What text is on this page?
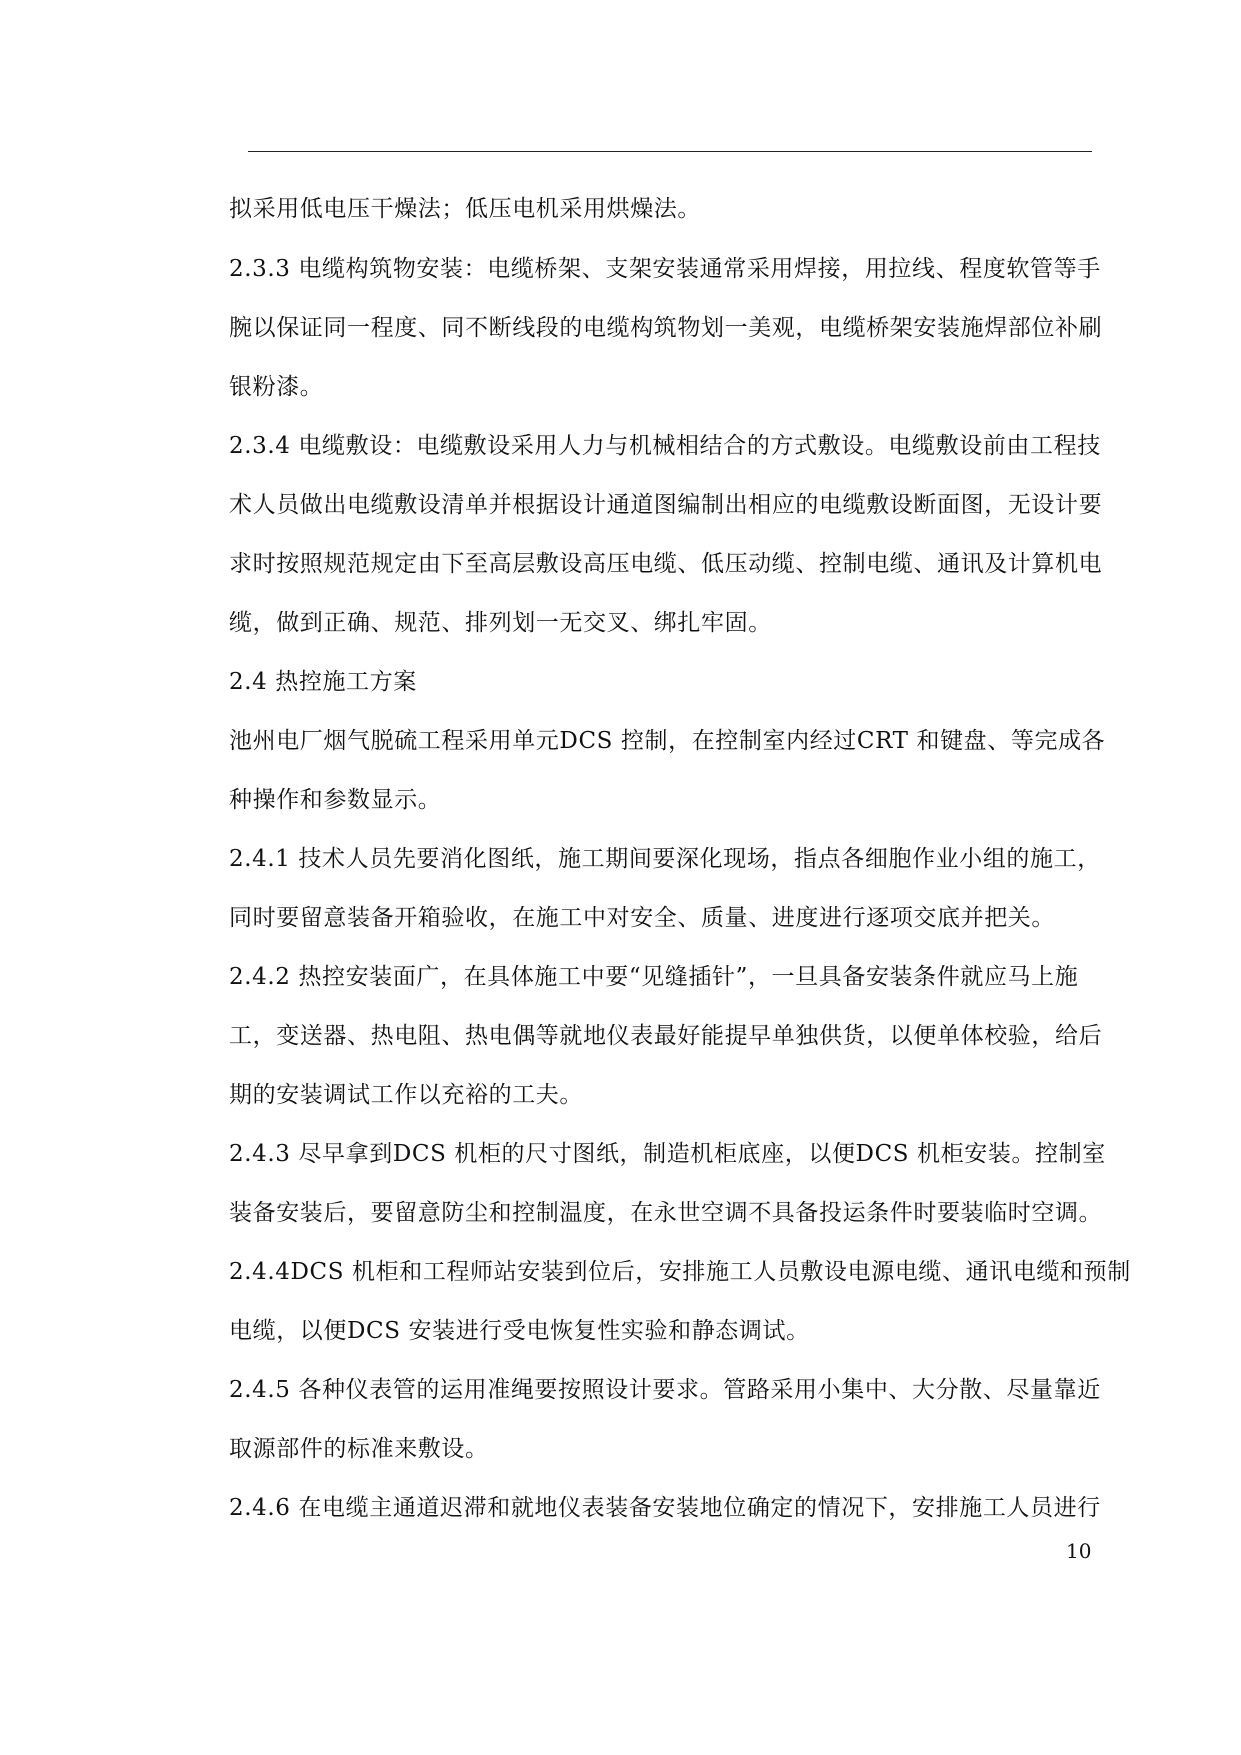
拟采用低电压干燥法；低压电机采用烘燥法。
2.3.3 电缆构筑物安装：电缆桥架、支架安装通常采用焊接，用拉线、程度软管等手
腕以保证同一程度、同不断线段的电缆构筑物划一美观，电缆桥架安装施焊部位补刷
银粉漆。
2.3.4 电缆敷设：电缆敷设采用人力与机械相结合的方式敷设。电缆敷设前由工程技
术人员做出电缆敷设清单并根据设计通道图编制出相应的电缆敷设断面图，无设计要
求时按照规范规定由下至高层敷设高压电缆、低压动缆、控制电缆、通讯及计算机电
缆，做到正确、规范、排列划一无交叉、绑扎牢固。
2.4 热控施工方案
池州电厂烟气脱硫工程采用单元DCS 控制，在控制室内经过CRT 和键盘、等完成各
种操作和参数显示。
2.4.1 技术人员先要消化图纸，施工期间要深化现场，指点各细胞作业小组的施工，
同时要留意装备开箱验收，在施工中对安全、质量、进度进行逐项交底并把关。
2.4.2 热控安装面广，在具体施工中要“见缝插针”，一旦具备安装条件就应马上施
工，变送器、热电阻、热电偶等就地仪表最好能提早单独供货，以便单体校验，给后
期的安装调试工作以充裕的工夫。
2.4.3 尽早拿到DCS 机柜的尺寸图纸，制造机柜底座，以便DCS 机柜安装。控制室
装备安装后，要留意防尘和控制温度，在永世空调不具备投运条件时要装临时空调。
2.4.4DCS 机柜和工程师站安装到位后，安排施工人员敷设电源电缆、通讯电缆和预制
电缆，以便DCS 安装进行受电恢复性实验和静态调试。
2.4.5 各种仪表管的运用准绳要按照设计要求。管路采用小集中、大分散、尽量靠近
取源部件的标准来敷设。
2.4.6 在电缆主通道迟滞和就地仪表装备安装地位确定的情况下，安排施工人员进行
10
